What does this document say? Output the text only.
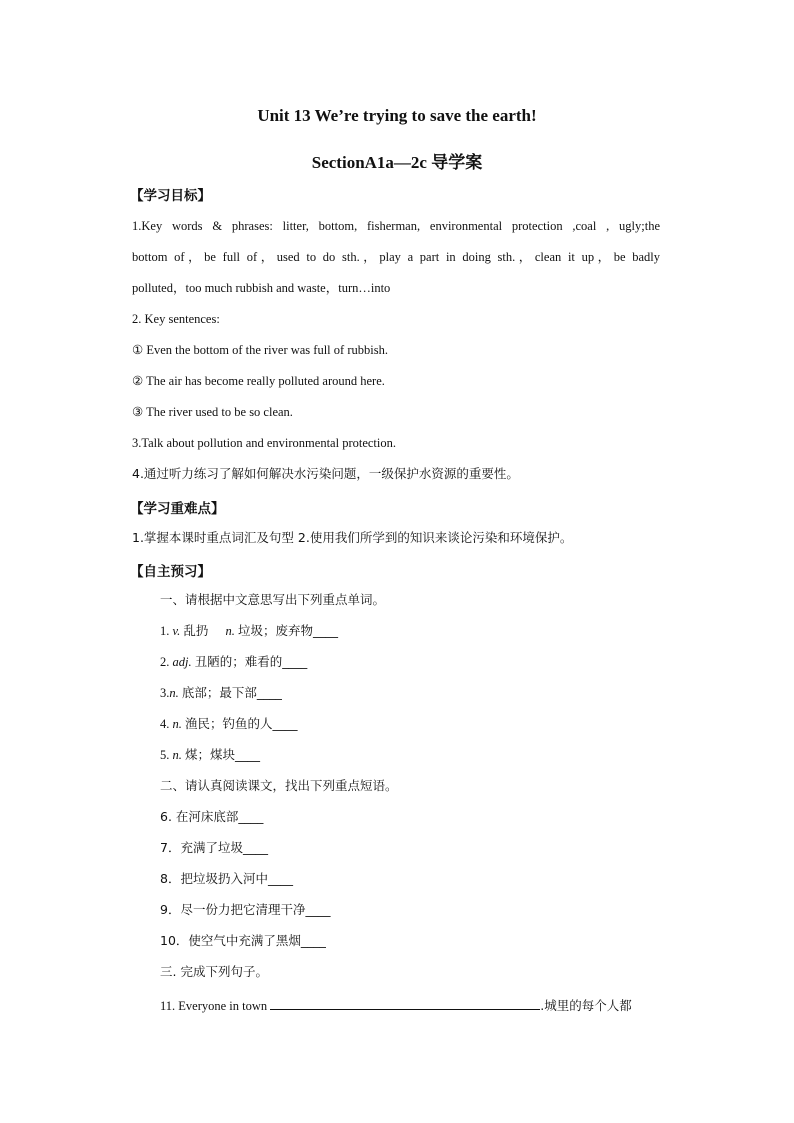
Unit 13 We’re trying to save the earth!
SectionA1a—2c 导学案
【学习目标】
1.Key words & phrases: litter, bottom, fisherman, environmental protection ,coal , ugly;the
bottom of，be full of，used to do sth.，play a part in doing sth.，clean it up，be badly
polluted，too much rubbish and waste，turn…into
2. Key sentences:
① Even the bottom of the river was full of rubbish.
② The air has become really polluted around here.
③ The river used to be so clean.
3.Talk about pollution and environmental protection.
4.通过听力练习了解如何解决水污染问题，一级保护水资源的重要性。
【学习重难点】
1.掌握本课时重点词汇及句型 2.使用我们所学到的知识来谈论污染和环境保护。
【自主预习】
一、请根据中文意思写出下列重点单词。
1. v. 乱扔 n. 垃圾；废弃物____
2. adj. 丑陋的；难看的____
3.n. 底部；最下部____
4. n. 渔民；钓鱼的人____
5. n. 煤；煤块____
二、请认真阅读课文，找出下列重点短语。
6. 在河床底部____
7．充满了垃圾____
8．把垃圾扔入河中____
9．尽一份力把它清理干净____
10．使空气中充满了黑烟____
三. 完成下列句子。
11. Everyone in town	.城里的每个人都
